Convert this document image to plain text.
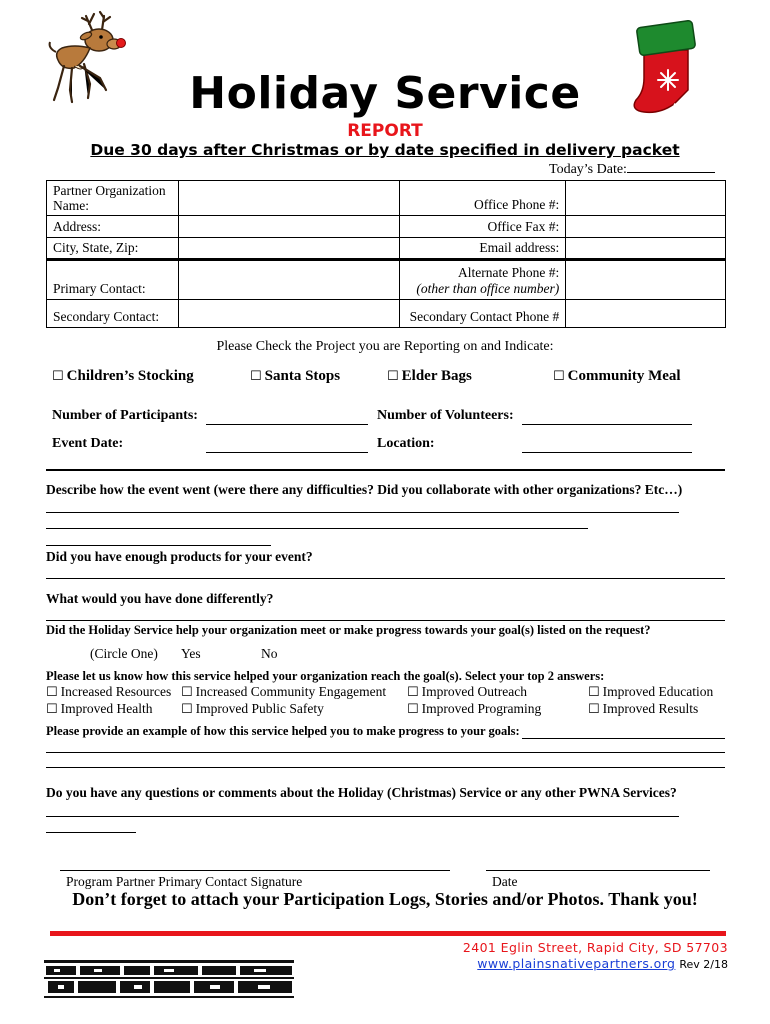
Holiday Service
REPORT
Due 30 days after Christmas or by date specified in delivery packet
Today’s Date:
Partner Organization Name:		Office Phone #:	
Address:		Office Fax #:	
City, State, Zip:		Email address:	
Primary Contact:		Alternate Phone #:
(other than office number)	

Secondary Contact:		Secondary Contact Phone #	
Please Check the Project you are Reporting on and Indicate:
☐ Children’s Stocking	☐ Santa Stops	☐ Elder Bags	☐ Community Meal
Number of Participants:	Number of Volunteers:
Event Date:	Location:
Describe how the event went (were there any difficulties? Did you collaborate with other organizations? Etc…)
Did you have enough products for your event?
What would you have done differently?
Did the Holiday Service help your organization meet or make progress towards your goal(s) listed on the request?
(Circle One) Yes	No
Please let us know how this service helped your organization reach the goal(s). Select your top 2 answers:
☐ Increased Resources ☐ Increased Community Engagement ☐ Improved Outreach	☐ Improved Education
☐ Improved Health ☐ Improved Public Safety	☐ Improved Programing	☐ Improved Results
Please provide an example of how this service helped you to make progress to your goals:
Do you have any questions or comments about the Holiday (Christmas) Service or any other PWNA Services?
Program Partner Primary Contact Signature	Date
Don’t forget to attach your Participation Logs, Stories and/or Photos. Thank you!
2401 Eglin Street, Rapid City, SD 57703
www.plainsnativepartners.org Rev 2/18
